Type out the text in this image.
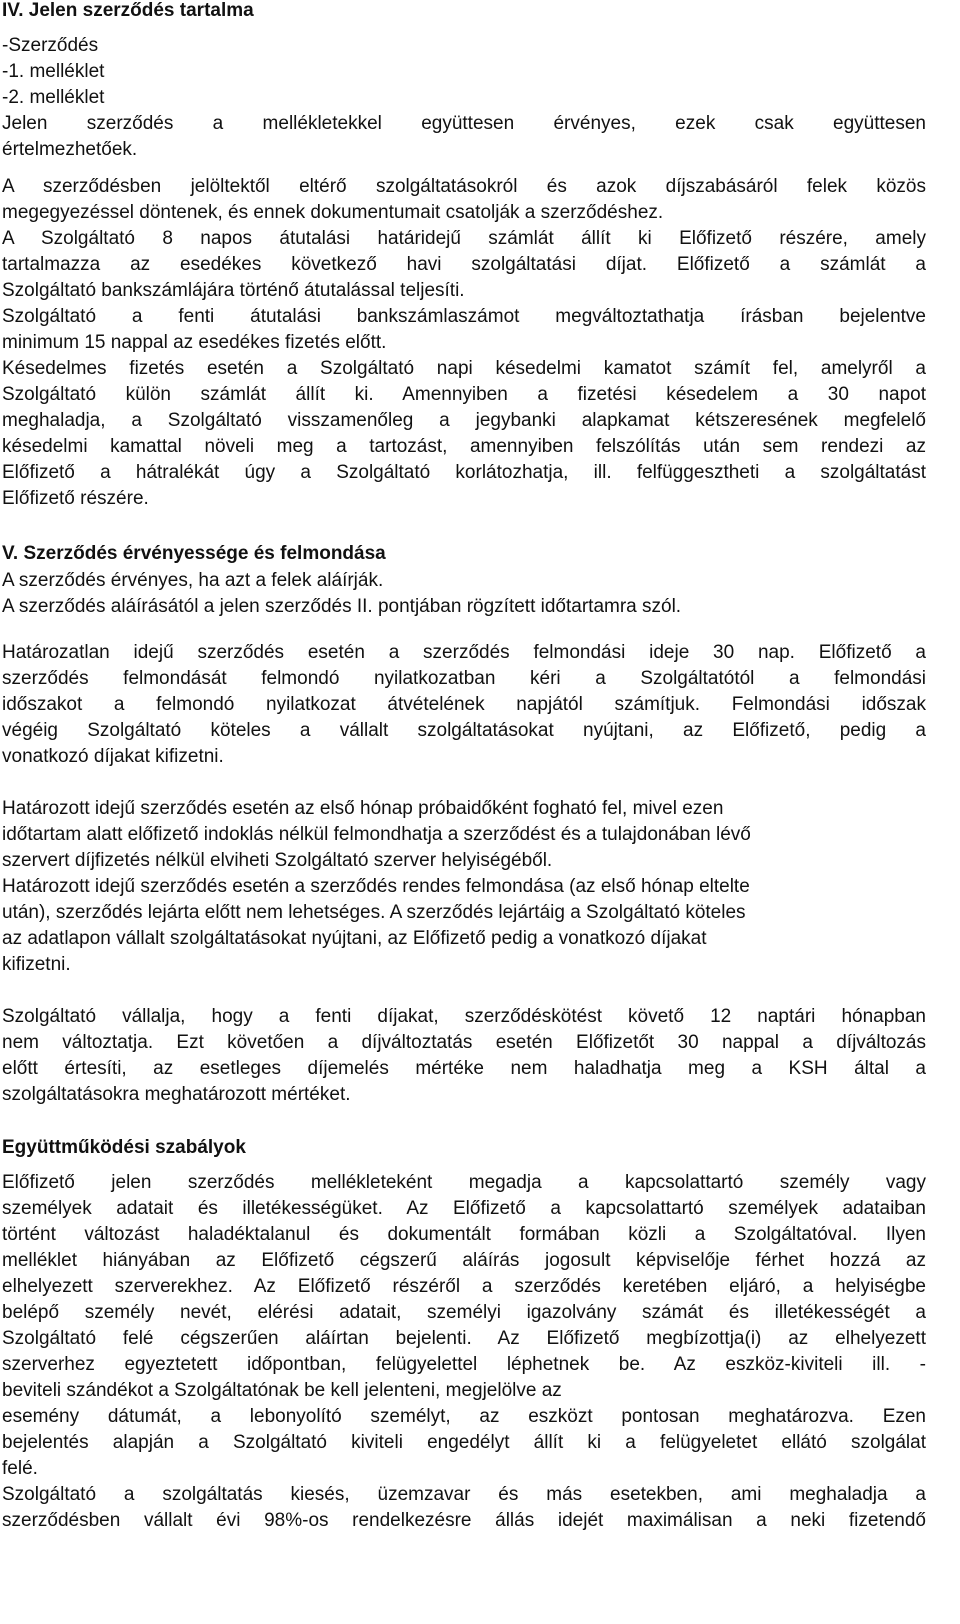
IV. Jelen szerződés tartalma
-Szerződés
-1. melléklet
-2. melléklet
Jelen szerződés a mellékletekkel együttesen érvényes, ezek csak együttesen
értelmezhetőek.
A szerződésben jelöltektől eltérő szolgáltatásokról és azok díjszabásáról felek közös
megegyezéssel döntenek, és ennek dokumentumait csatolják a szerződéshez.
A Szolgáltató 8 napos átutalási határidejű számlát állít ki Előfizető részére, amely
tartalmazza az esedékes következő havi szolgáltatási díjat. Előfizető a számlát a
Szolgáltató bankszámlájára történő átutalással teljesíti.
Szolgáltató a fenti átutalási bankszámlaszámot megváltoztathatja írásban bejelentve
minimum 15 nappal az esedékes fizetés előtt.
Késedelmes fizetés esetén a Szolgáltató napi késedelmi kamatot számít fel, amelyről a
Szolgáltató külön számlát állít ki. Amennyiben a fizetési késedelem a 30 napot
meghaladja, a Szolgáltató visszamenőleg a jegybanki alapkamat kétszeresének megfelelő
késedelmi kamattal növeli meg a tartozást, amennyiben felszólítás után sem rendezi az
Előfizető a hátralékát úgy a Szolgáltató korlátozhatja, ill. felfüggesztheti a szolgáltatást
Előfizető részére.
V. Szerződés érvényessége és felmondása
A szerződés érvényes, ha azt a felek aláírják.
A szerződés aláírásától a jelen szerződés II. pontjában rögzített időtartamra szól.
Határozatlan idejű szerződés esetén a szerződés felmondási ideje 30 nap. Előfizető a
szerződés felmondását felmondó nyilatkozatban kéri a Szolgáltatótól a felmondási
időszakot a felmondó nyilatkozat átvételének napjától számítjuk. Felmondási időszak
végéig Szolgáltató köteles a vállalt szolgáltatásokat nyújtani, az Előfizető, pedig a
vonatkozó díjakat kifizetni.
Határozott idejű szerződés esetén az első hónap próbaidőként fogható fel, mivel ezen
időtartam alatt előfizető indoklás nélkül felmondhatja a szerződést és a tulajdonában lévő
szervert díjfizetés nélkül elviheti Szolgáltató szerver helyiségéből.
Határozott idejű szerződés esetén a szerződés rendes felmondása (az első hónap eltelte
után), szerződés lejárta előtt nem lehetséges. A szerződés lejártáig a Szolgáltató köteles
az adatlapon vállalt szolgáltatásokat nyújtani, az Előfizető pedig a vonatkozó díjakat
kifizetni.
Szolgáltató vállalja, hogy a fenti díjakat, szerződéskötést követő 12 naptári hónapban
nem változtatja. Ezt követően a díjváltoztatás esetén Előfizetőt 30 nappal a díjváltozás
előtt értesíti, az esetleges díjemelés mértéke nem haladhatja meg a KSH által a
szolgáltatásokra meghatározott mértéket.
Együttműködési szabályok
Előfizető jelen szerződés mellékleteként megadja a kapcsolattartó személy vagy
személyek adatait és illetékességüket. Az Előfizető a kapcsolattartó személyek adataiban
történt változást haladéktalanul és dokumentált formában közli a Szolgáltatóval. Ilyen
melléklet hiányában az Előfizető cégszerű aláírás jogosult képviselője férhet hozzá az
elhelyezett szerverekhez. Az Előfizető részéről a szerződés keretében eljáró, a helyiségbe
belépő személy nevét, elérési adatait, személyi igazolvány számát és illetékességét a
Szolgáltató felé cégszerűen aláírtan bejelenti. Az Előfizető megbízottja(i) az elhelyezett
szerverhez egyeztetett időpontban, felügyelettel léphetnek be. Az eszköz-kiviteli ill. -
beviteli szándékot a Szolgáltatónak be kell jelenteni, megjelölve az
esemény dátumát, a lebonyolító személyt, az eszközt pontosan meghatározva. Ezen
bejelentés alapján a Szolgáltató kiviteli engedélyt állít ki a felügyeletet ellátó szolgálat
felé.
Szolgáltató a szolgáltatás kiesés, üzemzavar és más esetekben, ami meghaladja a
szerződésben vállalt évi 98%-os rendelkezésre állás idejét maximálisan a neki fizetendő
